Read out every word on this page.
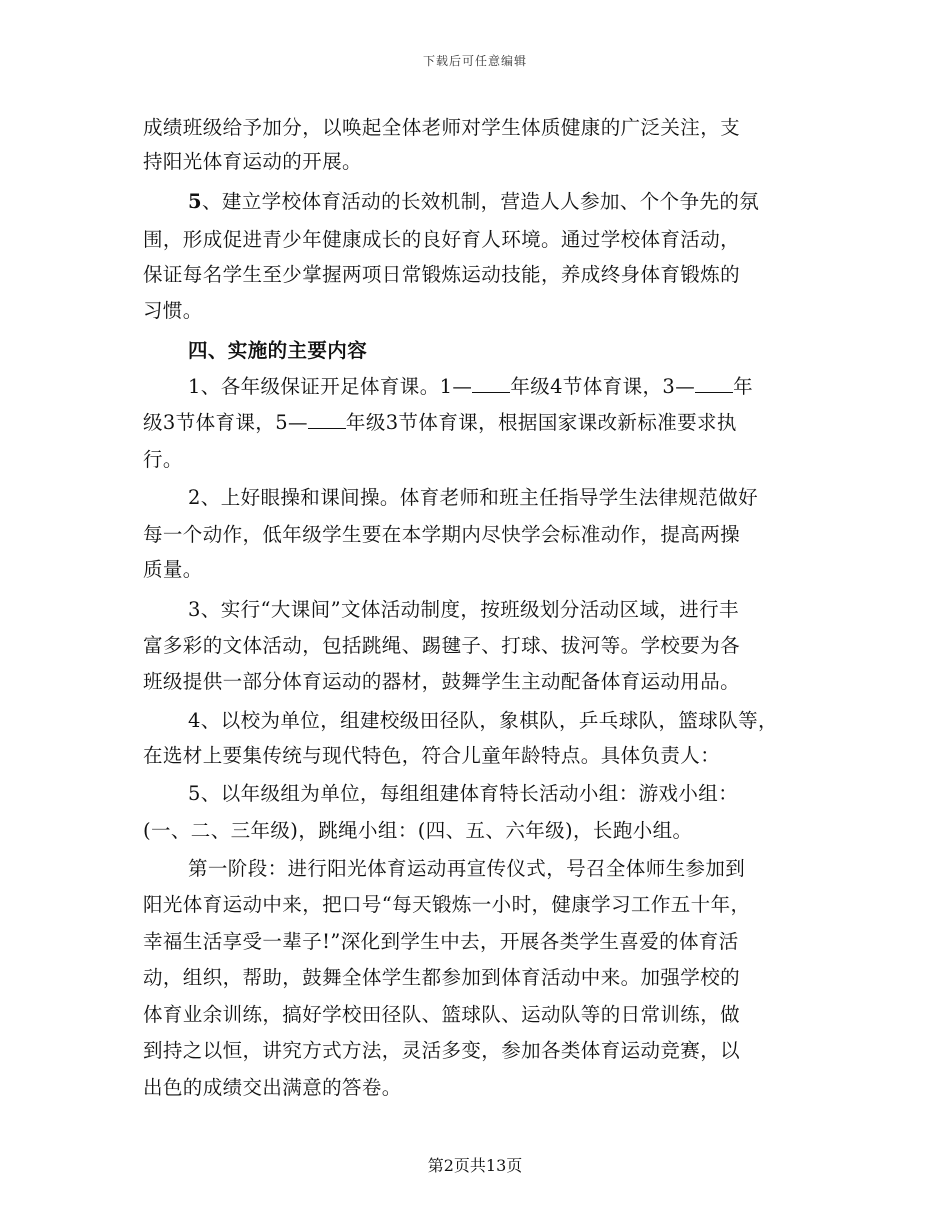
下载后可任意编辑
成绩班级给予加分，以唤起全体老师对学生体质健康的广泛关注，支
持阳光体育运动的开展。
5、建立学校体育活动的长效机制，营造人人参加、个个争先的氛
围，形成促进青少年健康成长的良好育人环境。通过学校体育活动，
保证每名学生至少掌握两项日常锻炼运动技能，养成终身体育锻炼的
习惯。
四、实施的主要内容
1、各年级保证开足体育课。1— 年级4节体育课，3— 年
级3节体育课，5— 年级3节体育课，根据国家课改新标准要求执
行。
2、上好眼操和课间操。体育老师和班主任指导学生法律规范做好
每一个动作，低年级学生要在本学期内尽快学会标准动作，提高两操
质量。
3、实行“大课间”文体活动制度，按班级划分活动区域，进行丰
富多彩的文体活动，包括跳绳、踢毽子、打球、拔河等。学校要为各
班级提供一部分体育运动的器材，鼓舞学生主动配备体育运动用品。
4、以校为单位，组建校级田径队，象棋队，乒乓球队，篮球队等，
在选材上要集传统与现代特色，符合儿童年龄特点。具体负责人：
5、以年级组为单位，每组组建体育特长活动小组：游戏小组：
(一、二、三年级)，跳绳小组：(四、五、六年级)，长跑小组。
第一阶段：进行阳光体育运动再宣传仪式，号召全体师生参加到
阳光体育运动中来，把口号“每天锻炼一小时，健康学习工作五十年，
幸福生活享受一辈子!”深化到学生中去，开展各类学生喜爱的体育活
动，组织，帮助，鼓舞全体学生都参加到体育活动中来。加强学校的
体育业余训练，搞好学校田径队、篮球队、运动队等的日常训练，做
到持之以恒，讲究方式方法，灵活多变，参加各类体育运动竞赛，以
出色的成绩交出满意的答卷。
第2页共13页
